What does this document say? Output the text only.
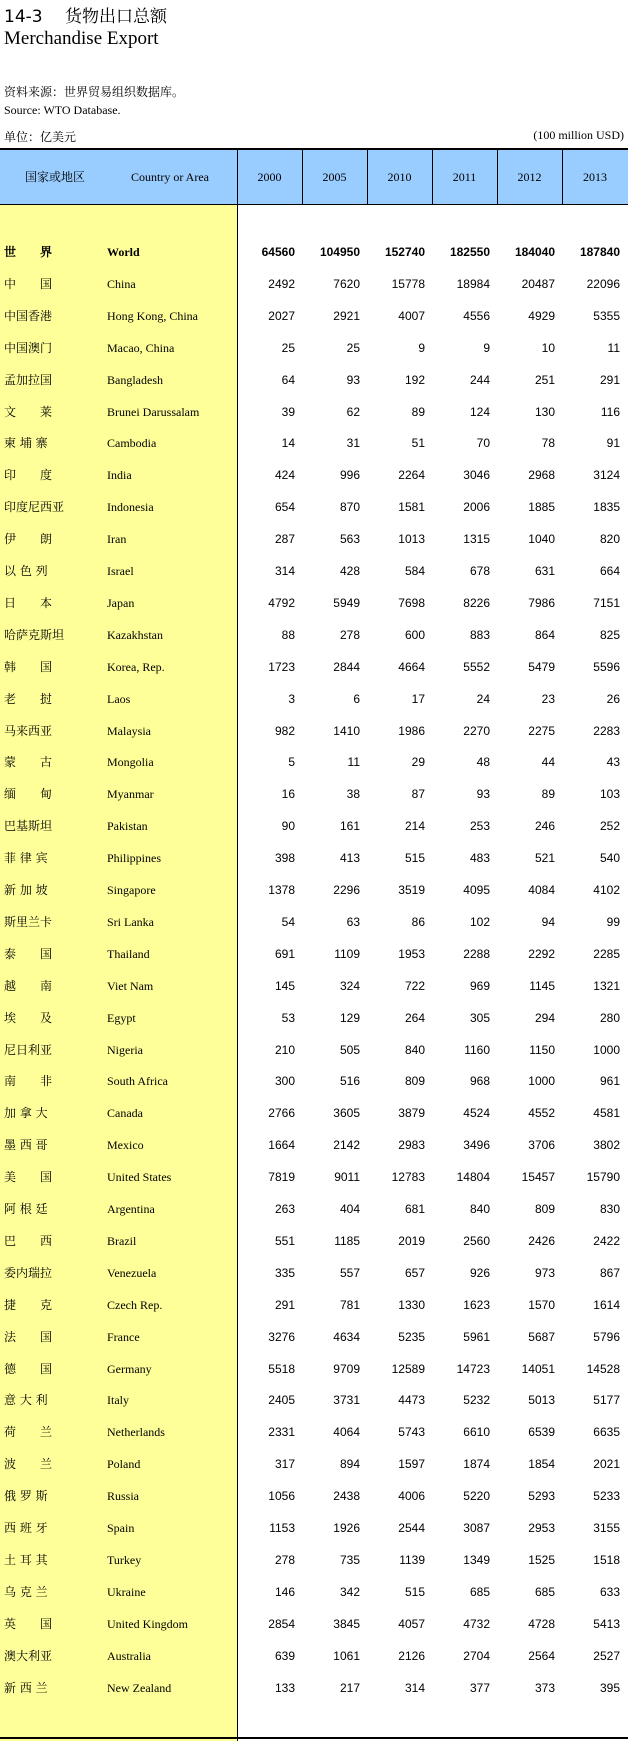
14-3　 货物出口总额
Merchandise Export
资料来源：世界贸易组织数据库。
Source: WTO Database.
单位：亿美元	(100 million USD)
国家或地区	Country or Area	2000	2005	2010	2011	2012	2013
世　　界	World	64560	104950	152740	182550	184040	187840
中　　国	China	2492	7620	15778	18984	20487	22096
中国香港	Hong Kong, China	2027	2921	4007	4556	4929	5355
中国澳门	Macao, China	25	25	9	9	10	11
孟加拉国	Bangladesh	64	93	192	244	251	291
文　　莱	Brunei Darussalam	39	62	89	124	130	116
柬 埔 寨	Cambodia	14	31	51	70	78	91
印　　度	India	424	996	2264	3046	2968	3124
印度尼西亚	Indonesia	654	870	1581	2006	1885	1835
伊　　朗	Iran	287	563	1013	1315	1040	820
以 色 列	Israel	314	428	584	678	631	664
日　　本	Japan	4792	5949	7698	8226	7986	7151
哈萨克斯坦	Kazakhstan	88	278	600	883	864	825
韩　　国	Korea, Rep.	1723	2844	4664	5552	5479	5596
老　　挝	Laos	3	6	17	24	23	26
马来西亚	Malaysia	982	1410	1986	2270	2275	2283
蒙　　古	Mongolia	5	11	29	48	44	43
缅　　甸	Myanmar	16	38	87	93	89	103
巴基斯坦	Pakistan	90	161	214	253	246	252
菲 律 宾	Philippines	398	413	515	483	521	540
新 加 坡	Singapore	1378	2296	3519	4095	4084	4102
斯里兰卡	Sri Lanka	54	63	86	102	94	99
泰　　国	Thailand	691	1109	1953	2288	2292	2285
越　　南	Viet Nam	145	324	722	969	1145	1321
埃　　及	Egypt	53	129	264	305	294	280
尼日利亚	Nigeria	210	505	840	1160	1150	1000
南　　非	South Africa	300	516	809	968	1000	961
加 拿 大	Canada	2766	3605	3879	4524	4552	4581
墨 西 哥	Mexico	1664	2142	2983	3496	3706	3802
美　　国	United States	7819	9011	12783	14804	15457	15790
阿 根 廷	Argentina	263	404	681	840	809	830
巴　　西	Brazil	551	1185	2019	2560	2426	2422
委内瑞拉	Venezuela	335	557	657	926	973	867
捷　　克	Czech Rep.	291	781	1330	1623	1570	1614
法　　国	France	3276	4634	5235	5961	5687	5796
德　　国	Germany	5518	9709	12589	14723	14051	14528
意 大 利	Italy	2405	3731	4473	5232	5013	5177
荷　　兰	Netherlands	2331	4064	5743	6610	6539	6635
波　　兰	Poland	317	894	1597	1874	1854	2021
俄 罗 斯	Russia	1056	2438	4006	5220	5293	5233
西 班 牙	Spain	1153	1926	2544	3087	2953	3155
土 耳 其	Turkey	278	735	1139	1349	1525	1518
乌 克 兰	Ukraine	146	342	515	685	685	633
英　　国	United Kingdom	2854	3845	4057	4732	4728	5413
澳大利亚	Australia	639	1061	2126	2704	2564	2527
新 西 兰	New Zealand	133	217	314	377	373	395
